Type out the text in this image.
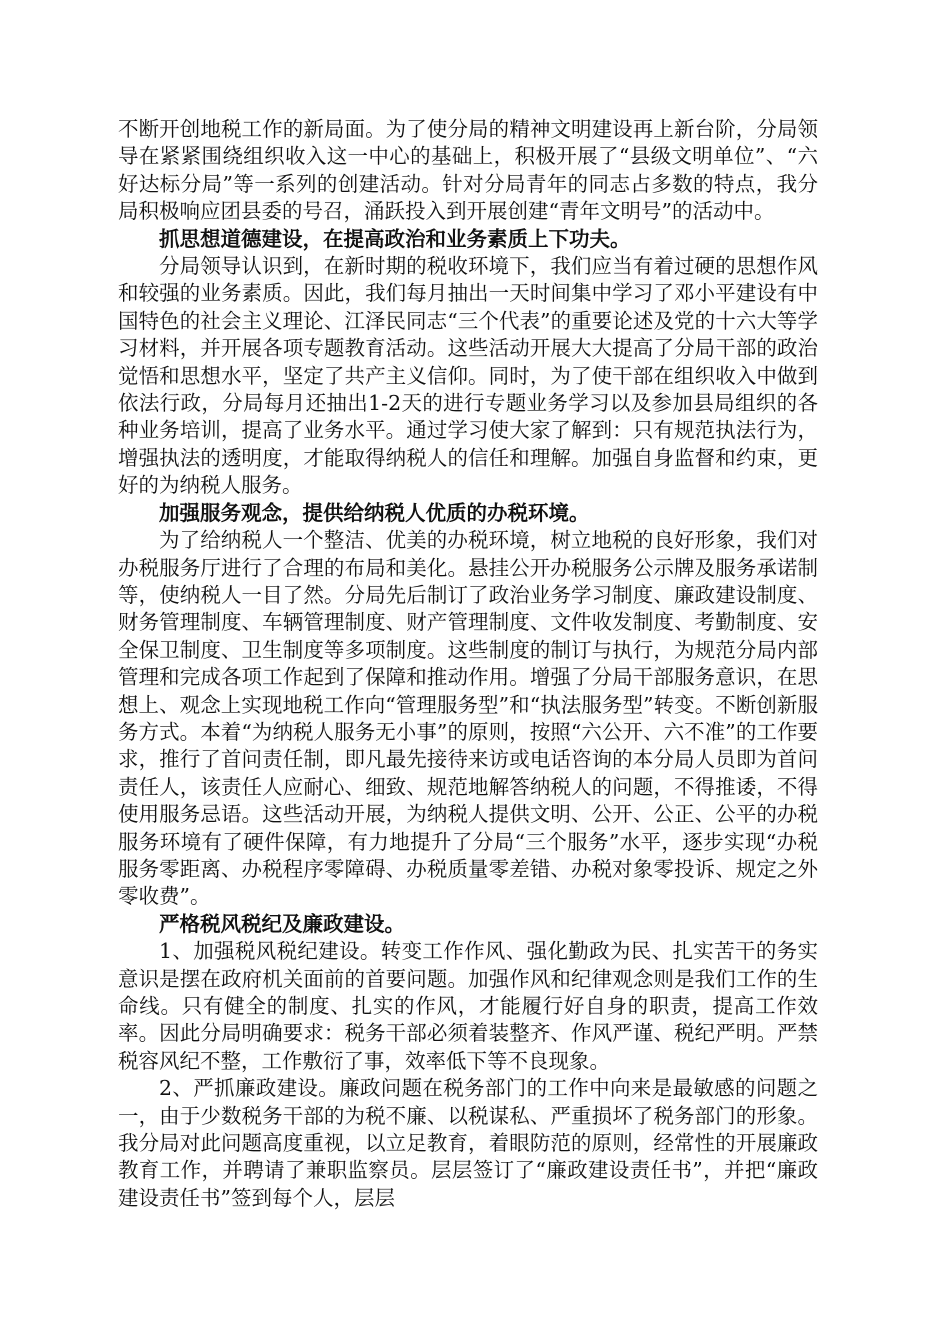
不断开创地税工作的新局面。为了使分局的精神文明建设再上新台阶，分局领导在紧紧围绕组织收入这一中心的基础上，积极开展了“县级文明单位”、“六好达标分局”等一系列的创建活动。针对分局青年的同志占多数的特点，我分局积极响应团县委的号召，涌跃投入到开展创建“青年文明号”的活动中。

抓思想道德建设，在提高政治和业务素质上下功夫。

分局领导认识到，在新时期的税收环境下，我们应当有着过硬的思想作风和较强的业务素质。因此，我们每月抽出一天时间集中学习了邓小平建设有中国特色的社会主义理论、江泽民同志“三个代表”的重要论述及党的十六大等学习材料，并开展各项专题教育活动。这些活动开展大大提高了分局干部的政治觉悟和思想水平，坚定了共产主义信仰。同时，为了使干部在组织收入中做到依法行政，分局每月还抽出1-2天的进行专题业务学习以及参加县局组织的各种业务培训，提高了业务水平。通过学习使大家了解到：只有规范执法行为，增强执法的透明度，才能取得纳税人的信任和理解。加强自身监督和约束，更好的为纳税人服务。

加强服务观念，提供给纳税人优质的办税环境。

为了给纳税人一个整洁、优美的办税环境，树立地税的良好形象，我们对办税服务厅进行了合理的布局和美化。悬挂公开办税服务公示牌及服务承诺制等，使纳税人一目了然。分局先后制订了政治业务学习制度、廉政建设制度、财务管理制度、车辆管理制度、财产管理制度、文件收发制度、考勤制度、安全保卫制度、卫生制度等多项制度。这些制度的制订与执行，为规范分局内部管理和完成各项工作起到了保障和推动作用。增强了分局干部服务意识，在思想上、观念上实现地税工作向“管理服务型”和“执法服务型”转变。不断创新服务方式。本着“为纳税人服务无小事”的原则，按照“六公开、六不准”的工作要求，推行了首问责任制，即凡最先接待来访或电话咨询的本分局人员即为首问责任人，该责任人应耐心、细致、规范地解答纳税人的问题，不得推诿，不得使用服务忌语。这些活动开展，为纳税人提供文明、公开、公正、公平的办税服务环境有了硬件保障，有力地提升了分局“三个服务”水平，逐步实现“办税服务零距离、办税程序零障碍、办税质量零差错、办税对象零投诉、规定之外零收费”。

严格税风税纪及廉政建设。

1、加强税风税纪建设。转变工作作风、强化勤政为民、扎实苦干的务实意识是摆在政府机关面前的首要问题。加强作风和纪律观念则是我们工作的生命线。只有健全的制度、扎实的作风，才能履行好自身的职责，提高工作效率。因此分局明确要求：税务干部必须着装整齐、作风严谨、税纪严明。严禁税容风纪不整，工作敷衍了事，效率低下等不良现象。

2、严抓廉政建设。廉政问题在税务部门的工作中向来是最敏感的问题之一，由于少数税务干部的为税不廉、以税谋私、严重损坏了税务部门的形象。我分局对此问题高度重视，以立足教育，着眼防范的原则，经常性的开展廉政教育工作，并聘请了兼职监察员。层层签订了“廉政建设责任书”，并把“廉政建设责任书”签到每个人，层层
